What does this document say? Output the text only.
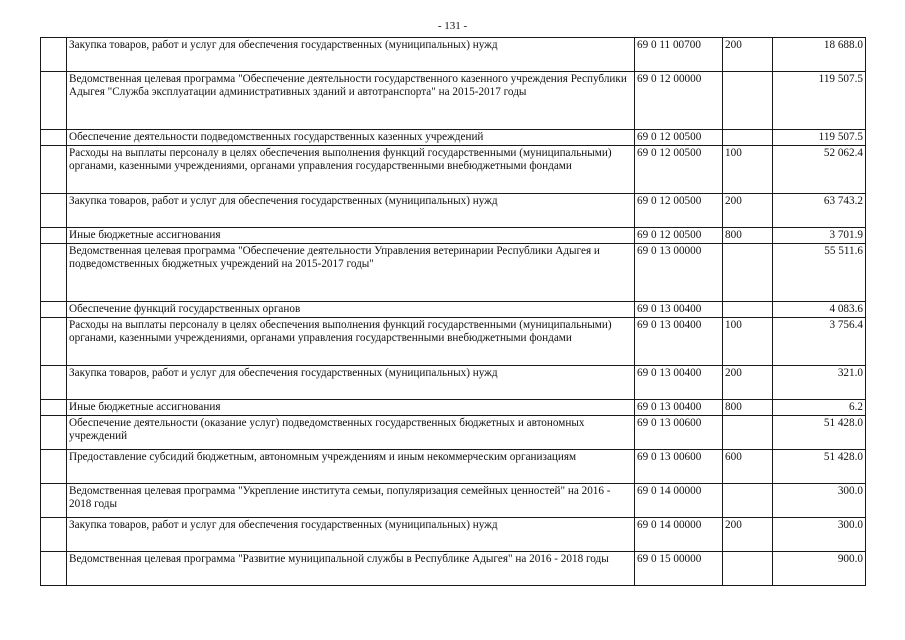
- 131 -
	Закупка товаров, работ и услуг для обеспечения государственных (муниципальных) нужд	69 0 11 00700	200	18 688.0
	Ведомственная целевая программа "Обеспечение деятельности государственного казенного учреждения Республики Адыгея "Служба эксплуатации административных зданий и автотранспорта" на 2015-2017 годы	69 0 12 00000		119 507.5
	Обеспечение деятельности подведомственных государственных казенных учреждений	69 0 12 00500		119 507.5
	Расходы на выплаты персоналу в целях обеспечения выполнения функций государственными (муниципальными) органами, казенными учреждениями, органами управления государственными внебюджетными фондами	69 0 12 00500	100	52 062.4
	Закупка товаров, работ и услуг для обеспечения государственных (муниципальных) нужд	69 0 12 00500	200	63 743.2
	Иные бюджетные ассигнования	69 0 12 00500	800	3 701.9
	Ведомственная целевая программа "Обеспечение деятельности Управления ветеринарии Республики Адыгея и подведомственных бюджетных учреждений на 2015-2017 годы"	69 0 13 00000		55 511.6
	Обеспечение функций государственных органов	69 0 13 00400		4 083.6
	Расходы на выплаты персоналу в целях обеспечения выполнения функций государственными (муниципальными) органами, казенными учреждениями, органами управления государственными внебюджетными фондами	69 0 13 00400	100	3 756.4
	Закупка товаров, работ и услуг для обеспечения государственных (муниципальных) нужд	69 0 13 00400	200	321.0
	Иные бюджетные ассигнования	69 0 13 00400	800	6.2
	Обеспечение деятельности (оказание услуг) подведомственных государственных бюджетных и автономных учреждений	69 0 13 00600		51 428.0
	Предоставление субсидий бюджетным, автономным учреждениям и иным некоммерческим организациям	69 0 13 00600	600	51 428.0
	Ведомственная целевая программа "Укрепление института семьи, популяризация семейных ценностей" на 2016 - 2018 годы	69 0 14 00000		300.0
	Закупка товаров, работ и услуг для обеспечения государственных (муниципальных) нужд	69 0 14 00000	200	300.0
	Ведомственная целевая программа "Развитие муниципальной службы в Республике Адыгея" на 2016 - 2018 годы	69 0 15 00000		900.0
